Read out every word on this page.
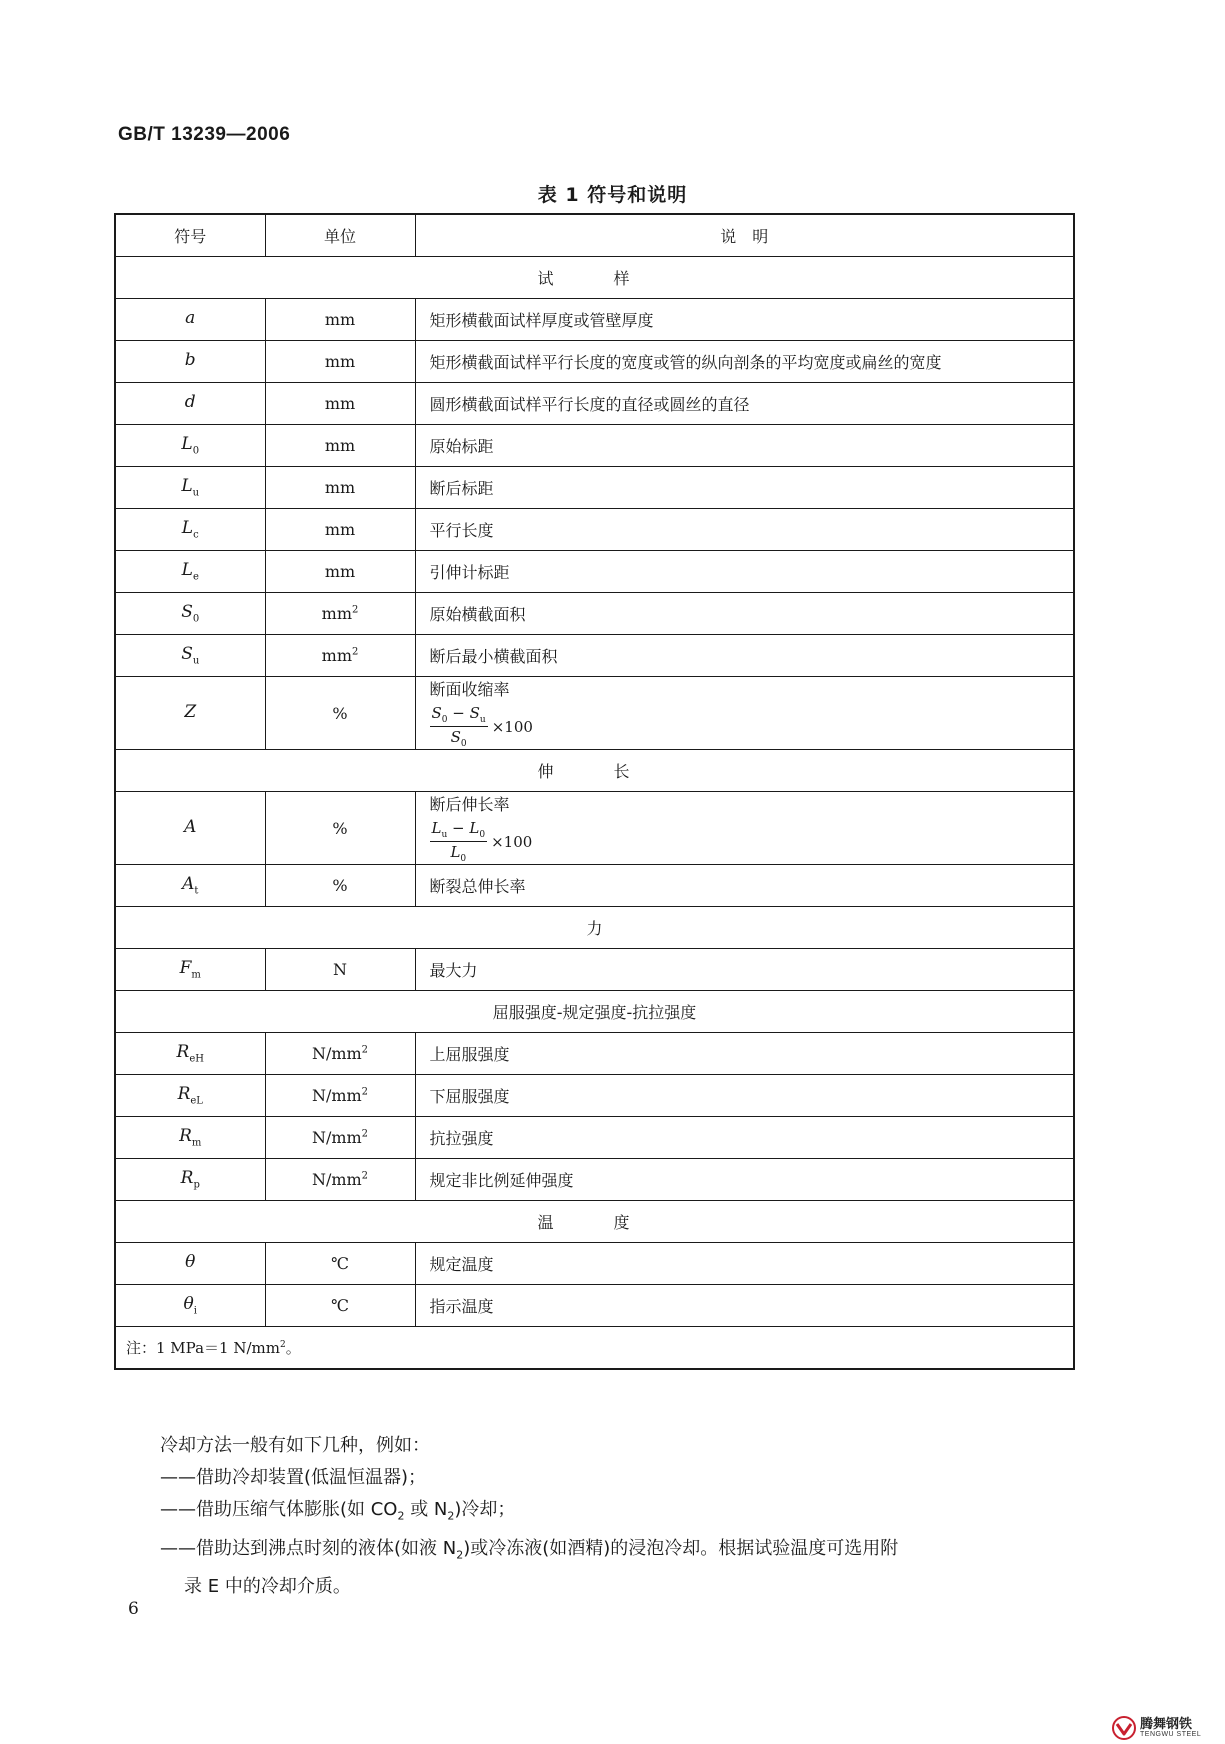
GB/T 13239—2006
表 1 符号和说明
符号	单位	说　明
试　样		
a	mm	矩形横截面试样厚度或管壁厚度

b	mm	矩形横截面试样平行长度的宽度或管的纵向剖条的平均宽度或扁丝的宽度

d	mm	圆形横截面试样平行长度的直径或圆丝的直径

$L_0$	mm	原始标距

$L_u$	mm	断后标距

$L_c$	mm	平行长度

$L_e$	mm	引伸计标距

$S_0$	$mm^2$	原始横截面积

$S_u$	$mm^2$	断后最小横截面积

Z	%	断面收缩率
$\frac{S_0 - S_u}{S_0} \times 100$

伸　长		
A	%	断后伸长率
$\frac{L_u - L_0}{L_0} \times 100$

$A_t$	%	断裂总伸长率

力		
$F_m$	N	最大力

屈服强度-规定强度-抗拉强度		
$R_{eH}$	$N/mm^2$	上屈服强度

$R_{eL}$	$N/mm^2$	下屈服强度

$R_m$	$N/mm^2$	抗拉强度

$R_p$	$N/mm^2$	规定非比例延伸强度

温　度		
θ	℃	规定温度

$\theta_i$	℃	指示温度

注：1 MPa＝1 $N/mm^2$。		

冷却方法一般有如下几种，例如：

——借助冷却装置(低温恒温器)；

——借助压缩气体膨胀(如 $CO_2$ 或 $N_2$)冷却；

——借助达到沸点时刻的液体(如液 $N_2$)或冷冻液(如酒精)的浸泡冷却。根据试验温度可选用附

录 E 中的冷却介质。

6
腾舞钢铁
TENGWU STEEL
